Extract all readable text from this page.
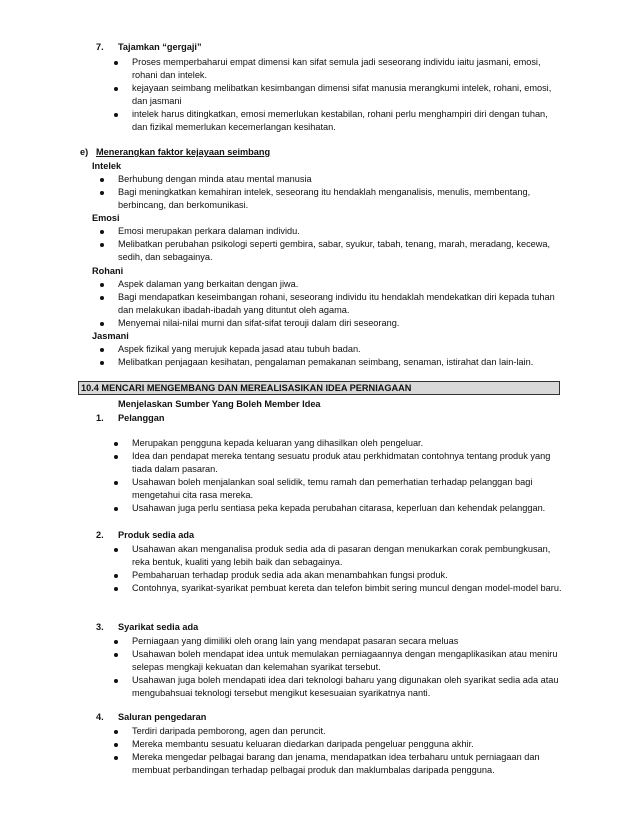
7.	Tajamkan “gergaji”
Proses memperbaharui empat dimensi kan sifat semula jadi seseorang individu iaitu jasmani, emosi, rohani dan intelek.
kejayaan seimbang melibatkan kesimbangan dimensi sifat manusia merangkumi intelek, rohani, emosi, dan jasmani
intelek harus ditingkatkan, emosi memerlukan kestabilan, rohani perlu menghampiri diri dengan tuhan, dan fizikal memerlukan kecemerlangan kesihatan.
e) Menerangkan faktor kejayaan seimbang
Intelek
Berhubung dengan minda atau mental manusia
Bagi meningkatkan kemahiran intelek, seseorang itu hendaklah menganalisis, menulis, membentang, berbincang, dan berkomunikasi.
Emosi
Emosi merupakan perkara dalaman individu.
Melibatkan perubahan psikologi seperti gembira, sabar, syukur, tabah, tenang, marah, meradang, kecewa, sedih, dan sebagainya.
Rohani
Aspek dalaman yang berkaitan dengan jiwa.
Bagi mendapatkan keseimbangan rohani, seseorang individu itu hendaklah mendekatkan diri kepada tuhan dan melakukan ibadah-ibadah yang dituntut oleh agama.
Menyemai nilai-nilai murni dan sifat-sifat terouji dalam diri seseorang.
Jasmani
Aspek fizikal yang merujuk kepada jasad atau tubuh badan.
Melibatkan penjagaan kesihatan, pengalaman pemakanan seimbang, senaman, istirahat dan lain-lain.
10.4 MENCARI MENGEMBANG DAN MEREALISASIKAN IDEA PERNIAGAAN
Menjelaskan Sumber Yang Boleh Member Idea
1.	Pelanggan
Merupakan pengguna kepada keluaran yang dihasilkan oleh pengeluar.
Idea dan pendapat mereka tentang sesuatu produk atau perkhidmatan contohnya tentang produk yang tiada dalam pasaran.
Usahawan boleh menjalankan soal selidik, temu ramah dan pemerhatian terhadap pelanggan bagi mengetahui cita rasa mereka.
Usahawan juga perlu sentiasa peka kepada perubahan citarasa, keperluan dan kehendak pelanggan.
2.	Produk sedia ada
Usahawan akan menganalisa produk sedia ada di pasaran dengan menukarkan corak pembungkusan, reka bentuk, kualiti yang lebih baik dan sebagainya.
Pembaharuan terhadap produk sedia ada akan menambahkan fungsi produk.
Contohnya, syarikat-syarikat pembuat kereta dan telefon bimbit sering muncul dengan model-model baru.
3.	Syarikat sedia ada
Perniagaan yang dimiliki oleh orang lain yang mendapat pasaran secara meluas
Usahawan boleh mendapat idea untuk memulakan perniagaannya dengan mengaplikasikan atau meniru selepas mengkaji kekuatan dan kelemahan syarikat tersebut.
Usahawan juga boleh mendapati idea dari teknologi baharu yang digunakan oleh syarikat sedia ada atau mengubahsuai teknologi tersebut mengikut kesesuaian syarikatnya nanti.
4.	Saluran pengedaran
Terdiri daripada pemborong, agen dan peruncit.
Mereka membantu sesuatu keluaran diedarkan daripada pengeluar pengguna akhir.
Mereka mengedar pelbagai barang dan jenama, mendapatkan idea terbaharu untuk perniagaan dan membuat perbandingan terhadap pelbagai produk dan maklumbalas daripada pengguna.
